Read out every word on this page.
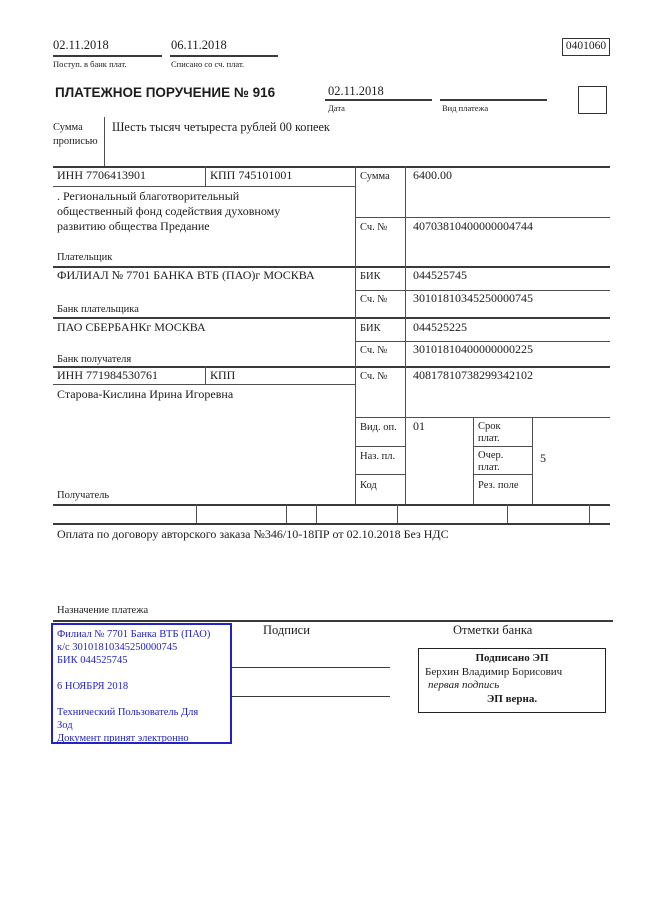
02.11.2018
Поступ. в банк плат.
06.11.2018
Списано со сч. плат.
0401060
ПЛАТЕЖНОЕ ПОРУЧЕНИЕ № 916	02.11.2018
Дата	Вид платежа
Сумма
прописью
Шесть тысяч четыреста рублей 00 копеек
ИНН 7706413901	КПП 745101001	Сумма 6400.00
. Региональный благотворительный
общественный фонд содействия духовному
развитию общества Предание	Сч. № 40703810400000004744
Плательщик
ФИЛИАЛ № 7701 БАНКА ВТБ (ПАО)г МОСКВА	БИК	044525745
Сч. № 30101810345250000745
Банк плательщика
ПАО СБЕРБАНКг МОСКВА	БИК	044525225
Сч. № 30101810400000000225
Банк получателя
ИНН 771984530761	КПП	Сч. № 40817810738299342102
Старова-Кислина Ирина Игоревна
Получатель
Вид. оп. 01	Срок плат.
Наз. пл.	Очер. плат.
5
Код	Рез. поле
Оплата по договору авторского заказа №346/10-18ПР от 02.10.2018 Без НДС
Назначение платежа
Филиал № 7701 Банка ВТБ (ПАО)
к/с 30101810345250000745
БИК 044525745
6 НОЯБРЯ 2018
Технический Пользователь Для
Зод
Документ принят электронно
Подписи	Отметки банка
Подписано ЭП
Берхин Владимир Борисович
первая подпись
ЭП верна.
